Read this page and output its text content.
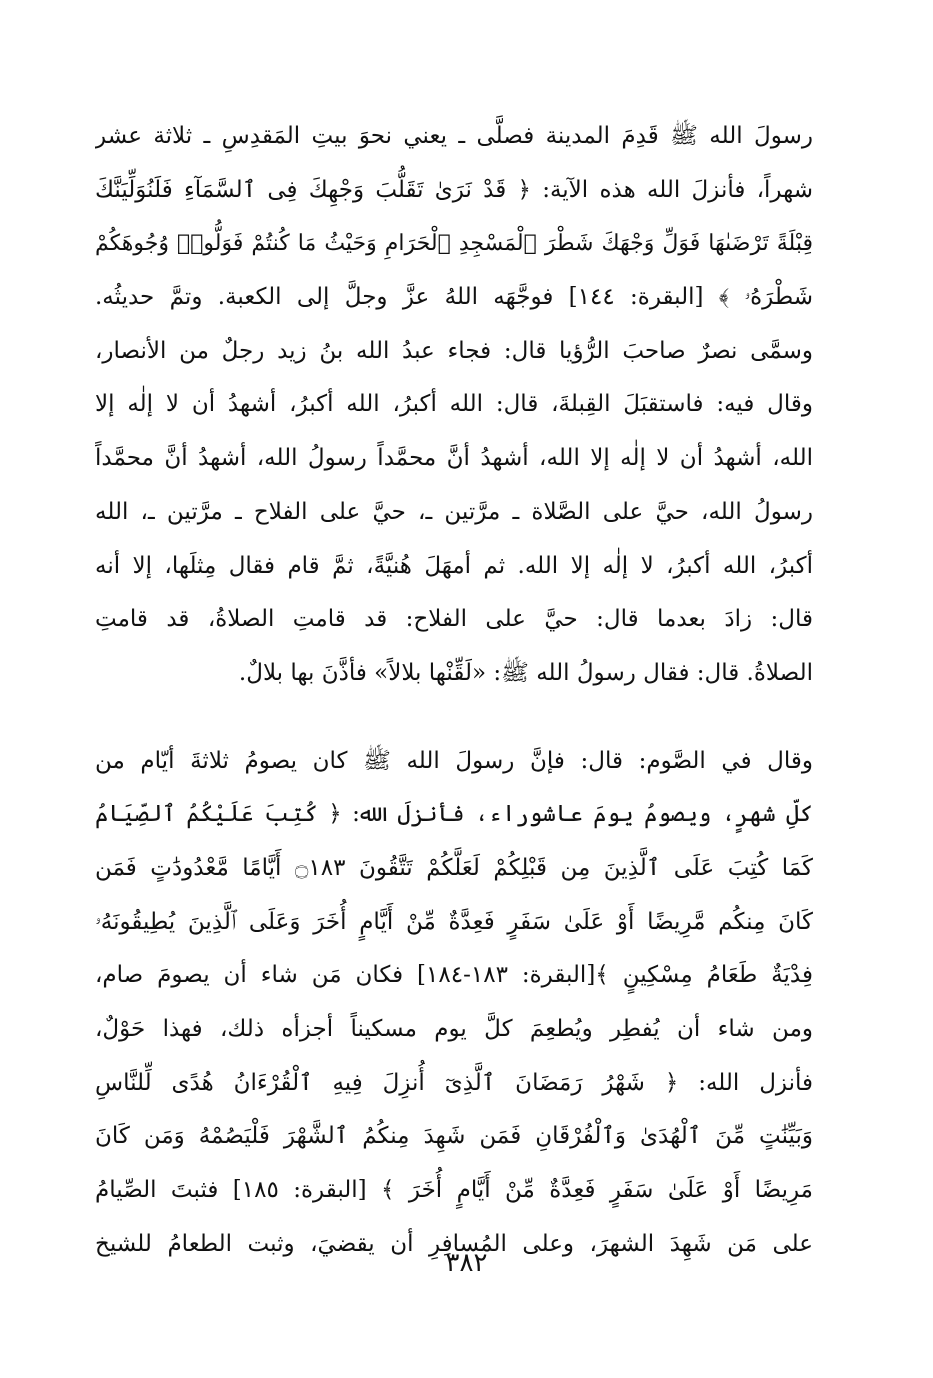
رسولَ الله ﷺ قَدِمَ المدينة فصلَّى ـ يعني نحوَ بيتِ المَقدِسِ ـ ثلاثة عشر
شهراً، فأنزلَ الله هذه الآية: ﴿ قَدْ نَرَىٰ تَقَلُّبَ وَجْهِكَ فِى ٱلسَّمَآءِ فَلَنُوَلِّيَنَّكَ
قِبْلَةً تَرْضَىٰهَا فَوَلِّ وَجْهَكَ شَطْرَ ٱلْمَسْجِدِ ٱلْحَرَامِ وَحَيْثُ مَا كُنتُمْ فَوَلُّوا۟ وُجُوهَكُمْ
شَطْرَهُۥ ﴾ [البقرة: ١٤٤] فوجَّهَه اللهُ عزَّ وجلَّ إلى الكعبة. وتمَّ حديثُه.
وسمَّى نصرٌ صاحبَ الرُّؤيا قال: فجاء عبدُ الله بنُ زيد رجلٌ من الأنصار،
وقال فيه: فاستقبَلَ القِبلةَ، قال: الله أكبرُ، الله أكبرُ، أشهدُ أن لا إلٰه إلا
الله، أشهدُ أن لا إلٰه إلا الله، أشهدُ أنَّ محمَّداً رسولُ الله، أشهدُ أنَّ محمَّداً
رسولُ الله، حيَّ على الصَّلاة ـ مرَّتين ـ، حيَّ على الفلاح ـ مرَّتين ـ، الله
أكبرُ، الله أكبرُ، لا إلٰه إلا الله. ثم أمهَلَ هُنيَّةً، ثمَّ قام فقال مِثلَها، إلا أنه
قال: زادَ بعدما قال: حيَّ على الفلاح: قد قامتِ الصلاةُ، قد قامتِ
الصلاةُ. قال: فقال رسولُ الله ﷺ: «لَقِّنْها بلالاً» فأذَّنَ بها بلالٌ.
وقال في الصَّوم: قال: فإنَّ رسولَ الله ﷺ كان يصومُ ثلاثةَ أيّام من
كلِّ شهرٍ، ويصومُ يومَ عاشوراء، فأنزلَ الله: ﴿ كُتِبَ عَلَيْكُمُ ٱلصِّيَامُ
كَمَا كُتِبَ عَلَى ٱلَّذِينَ مِن قَبْلِكُمْ لَعَلَّكُمْ تَتَّقُونَ ۝١٨٣ أَيَّامًا مَّعْدُودَٰتٍ فَمَن
كَانَ مِنكُم مَّرِيضًا أَوْ عَلَىٰ سَفَرٍ فَعِدَّةٌ مِّنْ أَيَّامٍ أُخَرَ وَعَلَى ٱلَّذِينَ يُطِيقُونَهُۥ
فِدْيَةٌ طَعَامُ مِسْكِينٍ ﴾[البقرة: ١٨٣-١٨٤] فكان مَن شاء أن يصومَ صام،
ومن شاء أن يُفطِر ويُطعِمَ كلَّ يوم مسكيناً أجزأه ذلك، فهذا حَوْلٌ،
فأنزل الله: ﴿ شَهْرُ رَمَضَانَ ٱلَّذِىٓ أُنزِلَ فِيهِ ٱلْقُرْءَانُ هُدًى لِّلنَّاسِ
وَبَيِّنَٰتٍ مِّنَ ٱلْهُدَىٰ وَٱلْفُرْقَانِ فَمَن شَهِدَ مِنكُمُ ٱلشَّهْرَ فَلْيَصُمْهُ وَمَن كَانَ
مَرِيضًا أَوْ عَلَىٰ سَفَرٍ فَعِدَّةٌ مِّنْ أَيَّامٍ أُخَرَ ﴾ [البقرة: ١٨٥] فثبتَ الصِّيامُ
على مَن شَهِدَ الشهرَ، وعلى المُسافِرِ أن يقضيَ، وثبت الطعامُ للشيخ
٣٨٢
